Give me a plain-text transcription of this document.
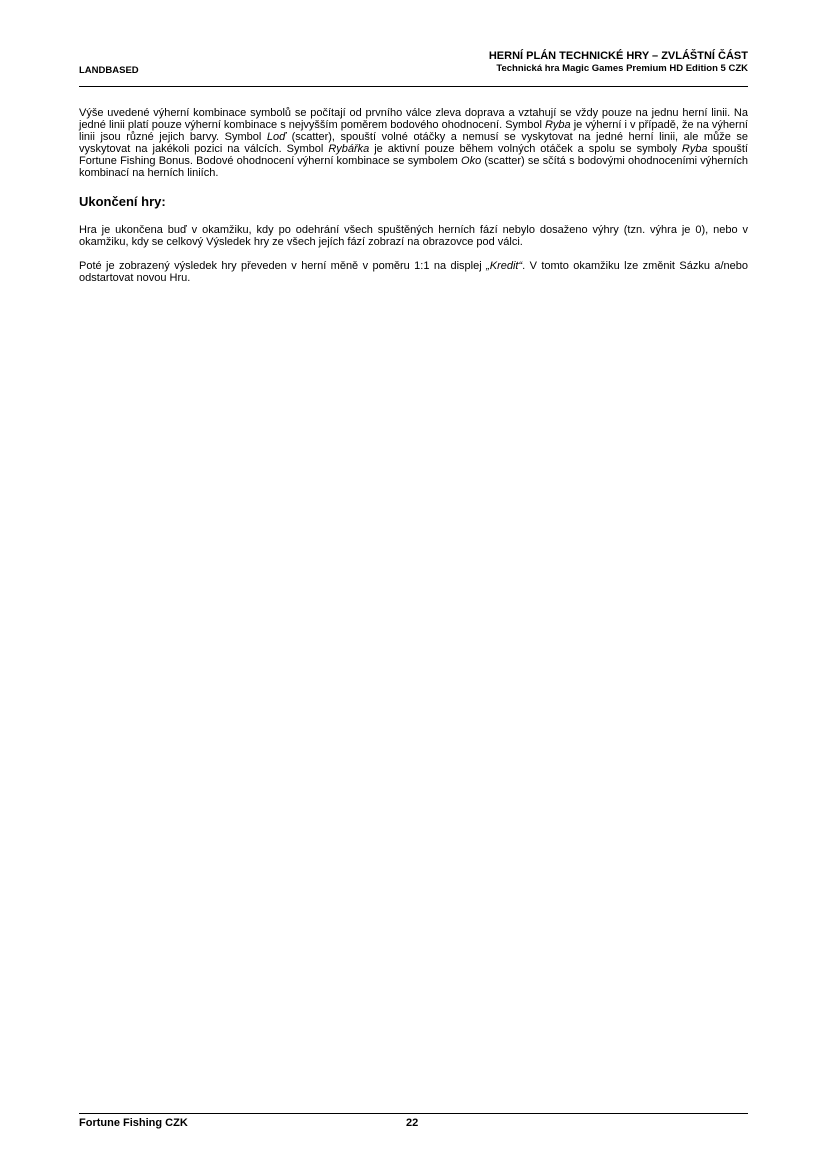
LANDBASED
HERNÍ PLÁN TECHNICKÉ HRY – ZVLÁŠTNÍ ČÁST
Technická hra Magic Games Premium HD Edition 5 CZK

Výše uvedené výherní kombinace symbolů se počítají od prvního válce zleva doprava a vztahují se vždy pouze na jednu herní linii. Na jedné linii platí pouze výherní kombinace s nejvyšším poměrem bodového ohodnocení. Symbol Ryba je výherní i v případě, že na výherní linii jsou různé jejich barvy. Symbol Loď (scatter), spouští volné otáčky a nemusí se vyskytovat na jedné herní linii, ale může se vyskytovat na jakékoli pozici na válcích. Symbol Rybářka je aktivní pouze během volných otáček a spolu se symboly Ryba spouští Fortune Fishing Bonus. Bodové ohodnocení výherní kombinace se symbolem Oko (scatter) se sčítá s bodovými ohodnoceními výherních kombinací na herních liniích.

Ukončení hry:

Hra je ukončena buď v okamžiku, kdy po odehrání všech spuštěných herních fází nebylo dosaženo výhry (tzn. výhra je 0), nebo v okamžiku, kdy se celkový Výsledek hry ze všech jejích fází zobrazí na obrazovce pod válci.

Poté je zobrazený výsledek hry převeden v herní měně v poměru 1:1 na displej „Kredit“. V tomto okamžiku lze změnit Sázku a/nebo odstartovat novou Hru.

Fortune Fishing CZK	22
